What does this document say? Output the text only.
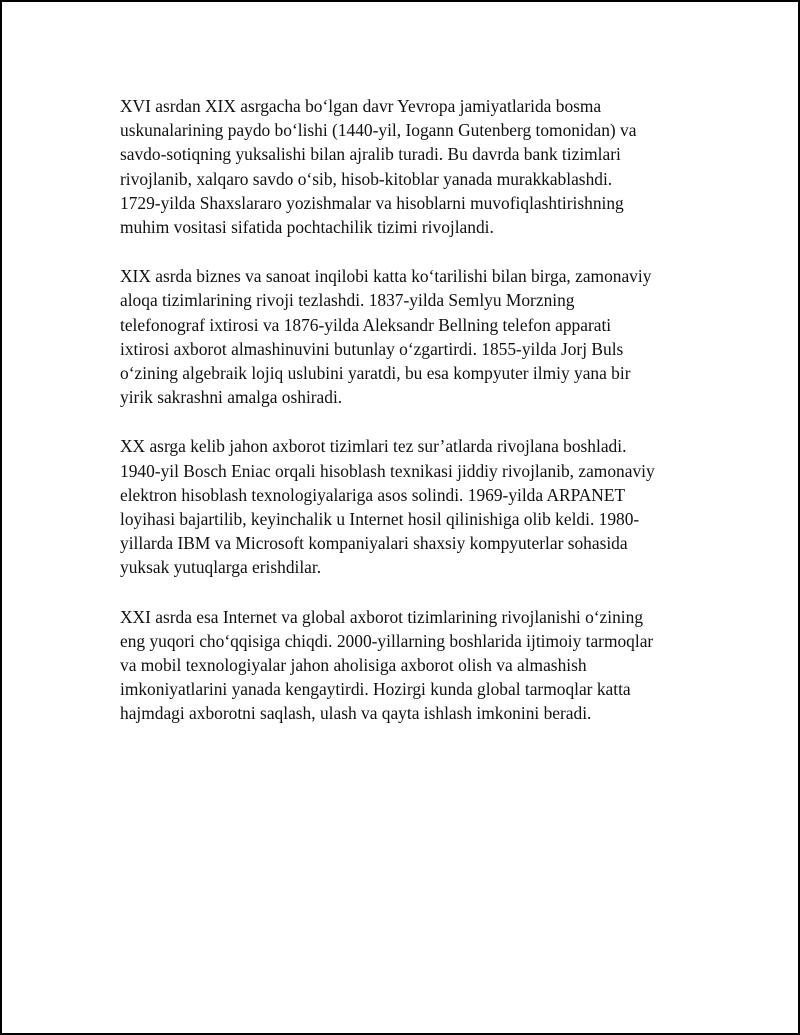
XVI asrdan XIX asrgacha bo‘lgan davr Yevropa jamiyatlarida bosma
uskunalarining paydo bo‘lishi (1440-yil, Iogann Gutenberg tomonidan) va
savdo-sotiqning yuksalishi bilan ajralib turadi. Bu davrda bank tizimlari
rivojlanib, xalqaro savdo o‘sib, hisob-kitoblar yanada murakkablashdi.
1729-yilda Shaxslararo yozishmalar va hisoblarni muvofiqlashtirishning
muhim vositasi sifatida pochtachilik tizimi rivojlandi.

XIX asrda biznes va sanoat inqilobi katta ko‘tarilishi bilan birga, zamonaviy
aloqa tizimlarining rivoji tezlashdi. 1837-yilda Semlyu Morzning
telefonograf ixtirosi va 1876-yilda Aleksandr Bellning telefon apparati
ixtirosi axborot almashinuvini butunlay o‘zgartirdi. 1855-yilda Jorj Buls
o‘zining algebraik lojiq uslubini yaratdi, bu esa kompyuter ilmiy yana bir
yirik sakrashni amalga oshiradi.

XX asrga kelib jahon axborot tizimlari tez sur’atlarda rivojlana boshladi.
1940-yil Bosch Eniac orqali hisoblash texnikasi jiddiy rivojlanib, zamonaviy
elektron hisoblash texnologiyalariga asos solindi. 1969-yilda ARPANET
loyihasi bajartilib, keyinchalik u Internet hosil qilinishiga olib keldi. 1980-
yillarda IBM va Microsoft kompaniyalari shaxsiy kompyuterlar sohasida
yuksak yutuqlarga erishdilar.

XXI asrda esa Internet va global axborot tizimlarining rivojlanishi o‘zining
eng yuqori cho‘qqisiga chiqdi. 2000-yillarning boshlarida ijtimoiy tarmoqlar
va mobil texnologiyalar jahon aholisiga axborot olish va almashish
imkoniyatlarini yanada kengaytirdi. Hozirgi kunda global tarmoqlar katta
hajmdagi axborotni saqlash, ulash va qayta ishlash imkonini beradi.
